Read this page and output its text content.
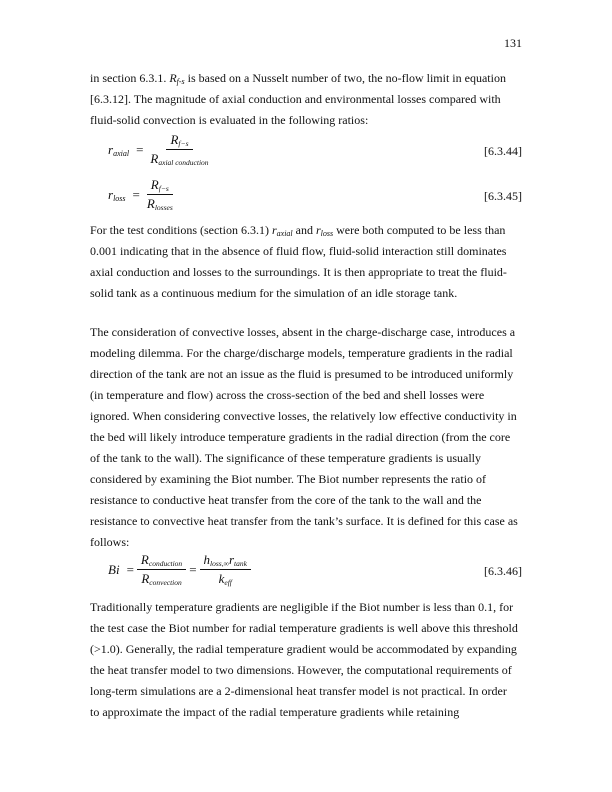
131
in section 6.3.1. $R_{f-s}$ is based on a Nusselt number of two, the no-flow limit in equation
[6.3.12]. The magnitude of axial conduction and environmental losses compared with
fluid-solid convection is evaluated in the following ratios:
$r_{axial} = \frac{R_{f-s}}{R_{axial conduction}}$	[6.3.44]
$r_{loss} = \frac{R_{f-s}}{R_{losses}}$	[6.3.45]
For the test conditions (section 6.3.1) $r_{axial}$ and $r_{loss}$ were both computed to be less than
0.001 indicating that in the absence of fluid flow, fluid-solid interaction still dominates
axial conduction and losses to the surroundings. It is then appropriate to treat the fluid-
solid tank as a continuous medium for the simulation of an idle storage tank.
The consideration of convective losses, absent in the charge-discharge case, introduces a
modeling dilemma. For the charge/discharge models, temperature gradients in the radial
direction of the tank are not an issue as the fluid is presumed to be introduced uniformly
(in temperature and flow) across the cross-section of the bed and shell losses were
ignored. When considering convective losses, the relatively low effective conductivity in
the bed will likely introduce temperature gradients in the radial direction (from the core
of the tank to the wall). The significance of these temperature gradients is usually
considered by examining the Biot number. The Biot number represents the ratio of
resistance to conductive heat transfer from the core of the tank to the wall and the
resistance to convective heat transfer from the tank’s surface. It is defined for this case as
follows:
$Bi = \frac{R_{conduction}}{R_{convection}} = \frac{h_{loss,\infty}r_{tank}}{k_{eff}}$	[6.3.46]
Traditionally temperature gradients are negligible if the Biot number is less than 0.1, for
the test case the Biot number for radial temperature gradients is well above this threshold
(>1.0). Generally, the radial temperature gradient would be accommodated by expanding
the heat transfer model to two dimensions. However, the computational requirements of
long-term simulations are a 2-dimensional heat transfer model is not practical. In order
to approximate the impact of the radial temperature gradients while retaining
